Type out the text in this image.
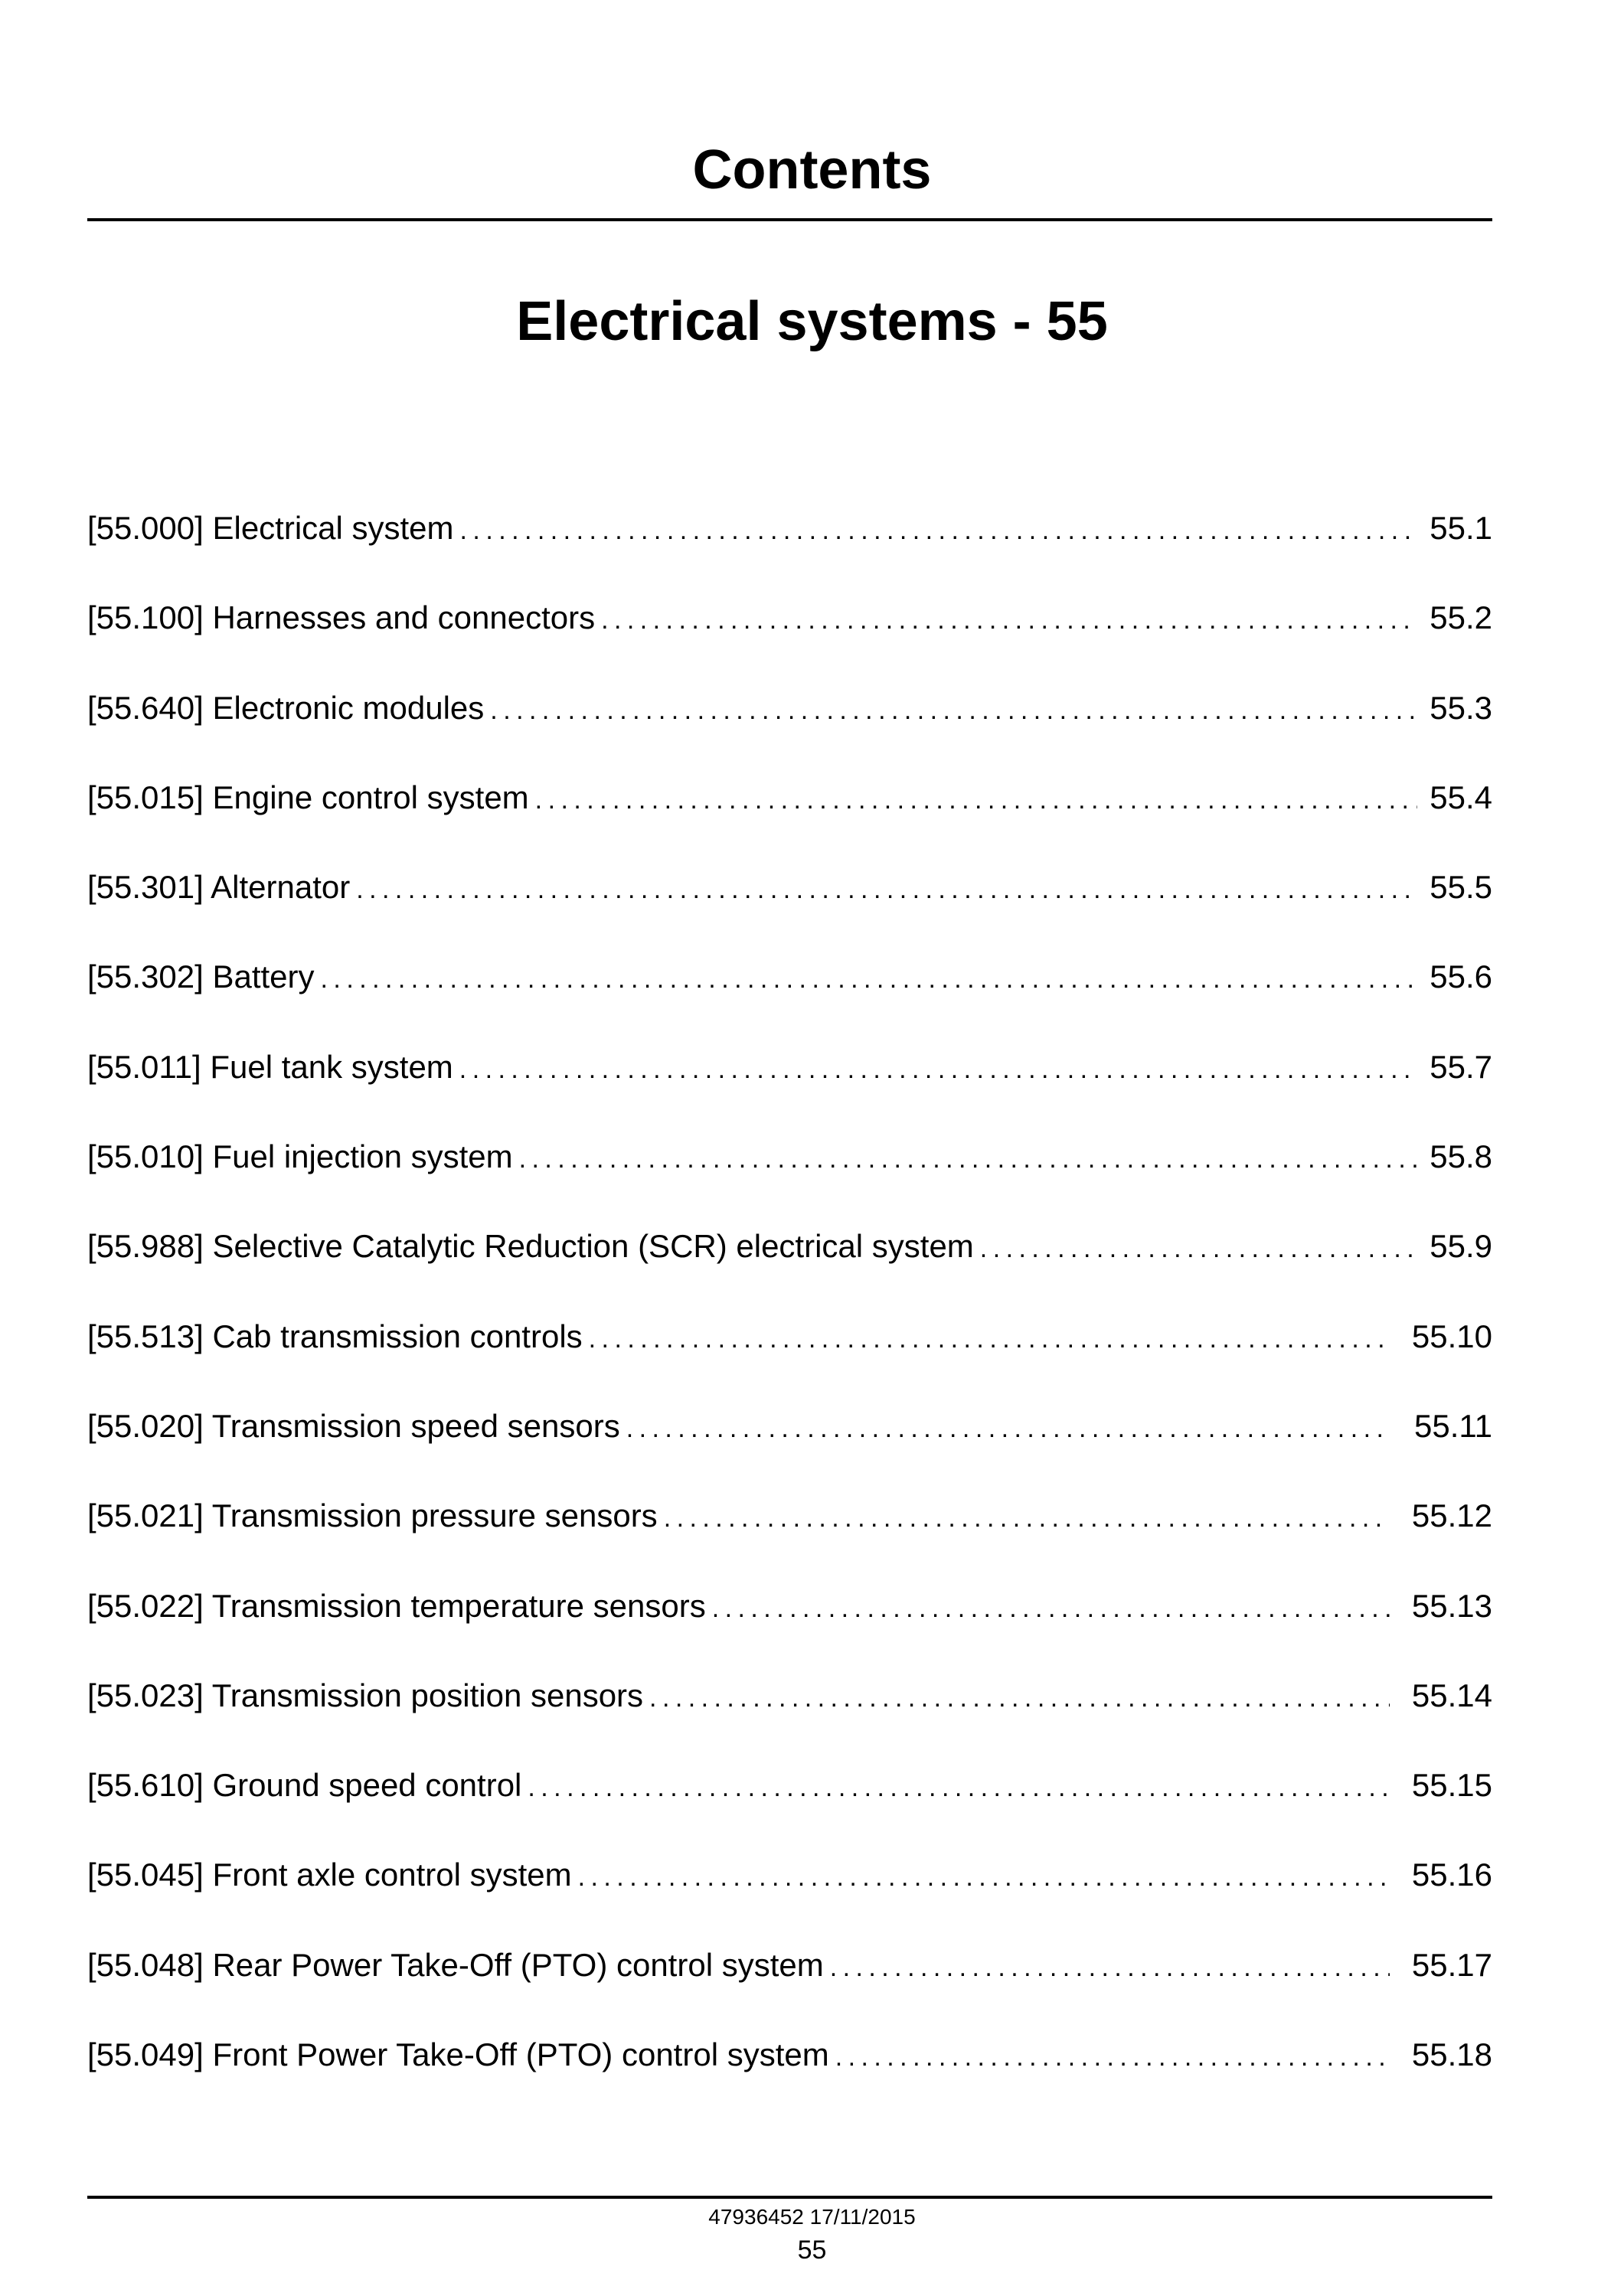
Contents
Electrical systems - 55
[55.000] Electrical system . . .	55.1
[55.100] Harnesses and connectors . . .	55.2
[55.640] Electronic modules . . .	55.3
[55.015] Engine control system . . .	55.4
[55.301] Alternator . . .	55.5
[55.302] Battery . . .	55.6
[55.011] Fuel tank system . . .	55.7
[55.010] Fuel injection system . . .	55.8
[55.988] Selective Catalytic Reduction (SCR) electrical system . . .	55.9
[55.513] Cab transmission controls . . .	55.10
[55.020] Transmission speed sensors . . .	55.11
[55.021] Transmission pressure sensors . . .	55.12
[55.022] Transmission temperature sensors . . .	55.13
[55.023] Transmission position sensors . . .	55.14
[55.610] Ground speed control . . .	55.15
[55.045] Front axle control system . . .	55.16
[55.048] Rear Power Take-Off (PTO) control system . . .	55.17
[55.049] Front Power Take-Off (PTO) control system . . .	55.18
47936452 17/11/2015
55
